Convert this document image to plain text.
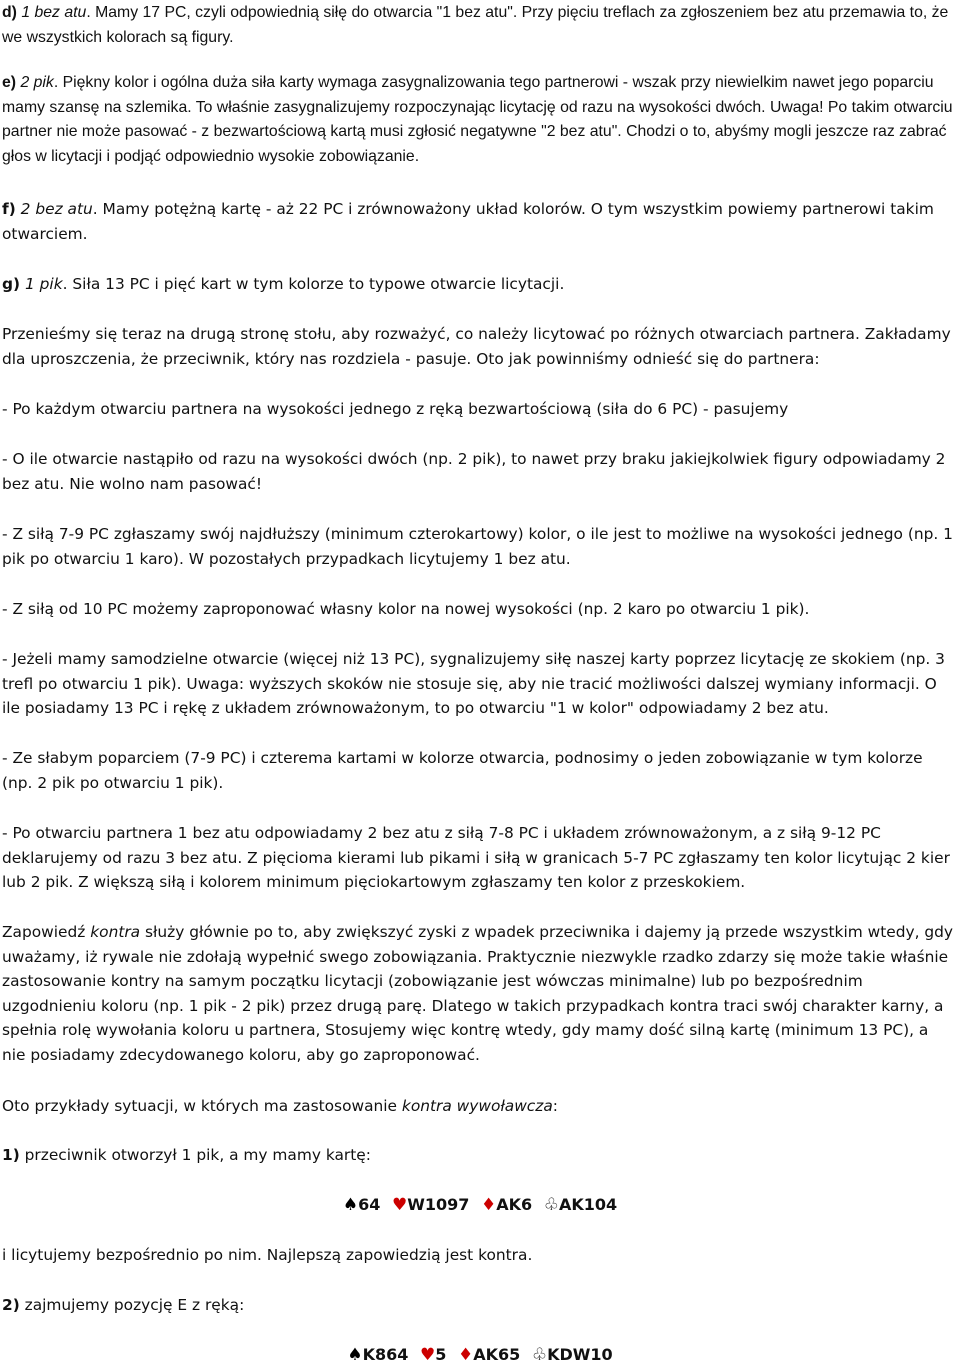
d) 1 bez atu. Mamy 17 PC, czyli odpowiednią siłę do otwarcia "1 bez atu". Przy pięciu treflach za zgłoszeniem bez atu przemawia to, że we wszystkich kolorach są figury.

e) 2 pik. Piękny kolor i ogólna duża siła karty wymaga zasygnalizowania tego partnerowi - wszak przy niewielkim nawet jego poparciu mamy szansę na szlemika. To właśnie zasygnalizujemy rozpoczynając licytację od razu na wysokości dwóch. Uwaga! Po takim otwarciu partner nie może pasować - z bezwartościową kartą musi zgłosić negatywne "2 bez atu". Chodzi o to, abyśmy mogli jeszcze raz zabrać głos w licytacji i podjąć odpowiednio wysokie zobowiązanie.

f) 2 bez atu. Mamy potężną kartę - aż 22 PC i zrównoważony układ kolorów. O tym wszystkim powiemy partnerowi takim otwarciem.

g) 1 pik. Siła 13 PC i pięć kart w tym kolorze to typowe otwarcie licytacji.

Przenieśmy się teraz na drugą stronę stołu, aby rozważyć, co należy licytować po różnych otwarciach partnera. Zakładamy dla uproszczenia, że przeciwnik, który nas rozdziela - pasuje. Oto jak powinniśmy odnieść się do partnera:

- Po każdym otwarciu partnera na wysokości jednego z ręką bezwartościową (siła do 6 PC) - pasujemy

- O ile otwarcie nastąpiło od razu na wysokości dwóch (np. 2 pik), to nawet przy braku jakiejkolwiek figury odpowiadamy 2 bez atu. Nie wolno nam pasować!

- Z siłą 7-9 PC zgłaszamy swój najdłuższy (minimum czterokartowy) kolor, o ile jest to możliwe na wysokości jednego (np. 1 pik po otwarciu 1 karo). W pozostałych przypadkach licytujemy 1 bez atu.

- Z siłą od 10 PC możemy zaproponować własny kolor na nowej wysokości (np. 2 karo po otwarciu 1 pik).

- Jeżeli mamy samodzielne otwarcie (więcej niż 13 PC), sygnalizujemy siłę naszej karty poprzez licytację ze skokiem (np. 3 trefl po otwarciu 1 pik). Uwaga: wyższych skoków nie stosuje się, aby nie tracić możliwości dalszej wymiany informacji. O ile posiadamy 13 PC i rękę z układem zrównoważonym, to po otwarciu "1 w kolor" odpowiadamy 2 bez atu.

- Ze słabym poparciem (7-9 PC) i czterema kartami w kolorze otwarcia, podnosimy o jeden zobowiązanie w tym kolorze (np. 2 pik po otwarciu 1 pik).

- Po otwarciu partnera 1 bez atu odpowiadamy 2 bez atu z siłą 7-8 PC i układem zrównoważonym, a z siłą 9-12 PC deklarujemy od razu 3 bez atu. Z pięcioma kierami lub pikami i siłą w granicach 5-7 PC zgłaszamy ten kolor licytując 2 kier lub 2 pik. Z większą siłą i kolorem minimum pięciokartowym zgłaszamy ten kolor z przeskokiem.

Zapowiedź kontra służy głównie po to, aby zwiększyć zyski z wpadek przeciwnika i dajemy ją przede wszystkim wtedy, gdy uważamy, iż rywale nie zdołają wypełnić swego zobowiązania. Praktycznie niezwykle rzadko zdarzy się może takie właśnie zastosowanie kontry na samym początku licytacji (zobowiązanie jest wówczas minimalne) lub po bezpośrednim uzgodnieniu koloru (np. 1 pik - 2 pik) przez drugą parę. Dlatego w takich przypadkach kontra traci swój charakter karny, a spełnia rolę wywołania koloru u partnera, Stosujemy więc kontrę wtedy, gdy mamy dość silną kartę (minimum 13 PC), a nie posiadamy zdecydowanego koloru, aby go zaproponować.

Oto przykłady sytuacji, w których ma zastosowanie kontra wywoławcza:

1) przeciwnik otworzył 1 pik, a my mamy kartę:

♠64 ♥W1097 ♦AK6 ♧AK104

i licytujemy bezpośrednio po nim. Najlepszą zapowiedzią jest kontra.

2) zajmujemy pozycję E z ręką:

♠K864 ♥5 ♦AK65 ♧KDW10
